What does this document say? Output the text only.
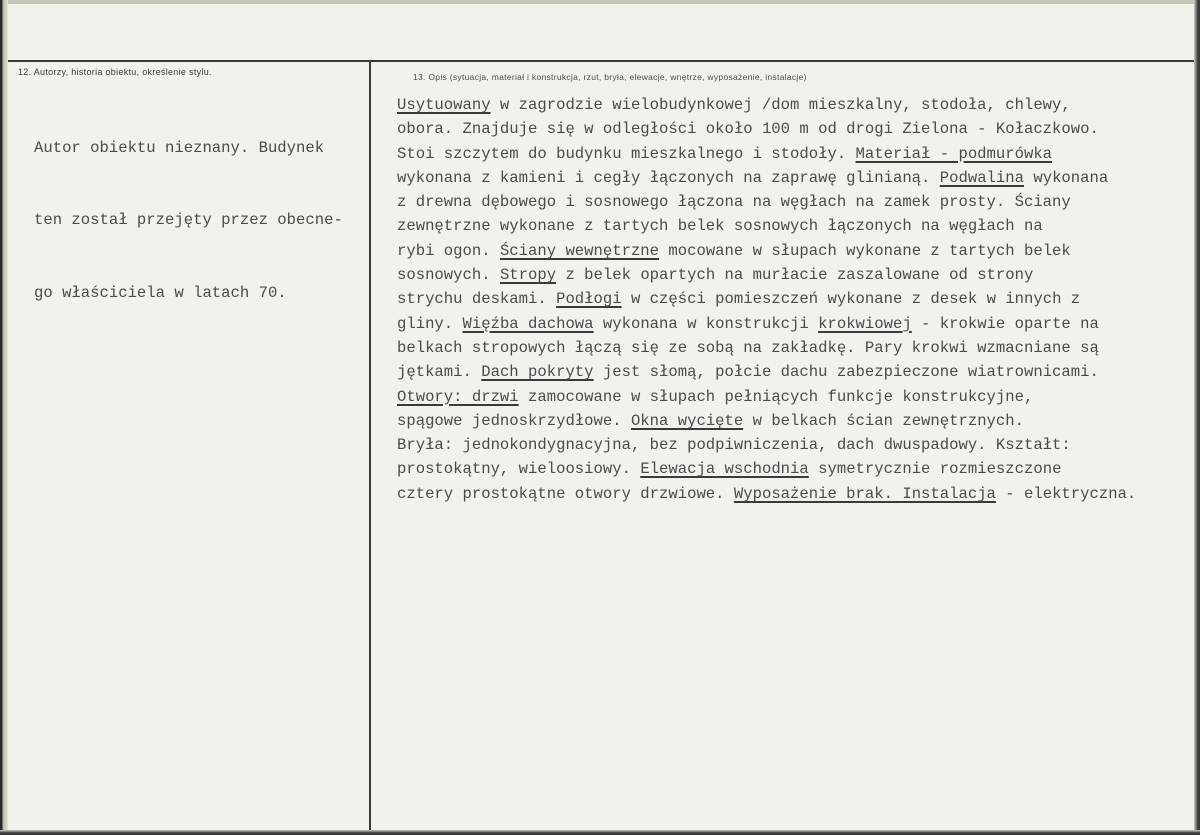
12. Autorzy, historia obiektu, określenie stylu.	13. Opis (sytuacja, materiał i konstrukcja, rzut, bryła, elewacje, wnętrze, wyposażenie, instalacje)

Autor obiektu nieznany. Budynek

ten został przejęty przez obecne-

go właściciela w latach 70.

Usytuowany w zagrodzie wielobudynkowej /dom mieszkalny, stodoła, chlewy,
obora. Znajduje się w odległości około 100 m od drogi Zielona - Kołaczkowo.
Stoi szczytem do budynku mieszkalnego i stodoły. Materiał - podmurówka
wykonana z kamieni i cegły łączonych na zaprawę glinianą. Podwalina wykonana
z drewna dębowego i sosnowego łączona na węgłach na zamek prosty. Ściany
zewnętrzne wykonane z tartych belek sosnowych łączonych na węgłach na
rybi ogon. Ściany wewnętrzne mocowane w słupach wykonane z tartych belek
sosnowych. Stropy z belek opartych na murłacie zaszalowane od strony
strychu deskami. Podłogi w części pomieszczeń wykonane z desek w innych z
gliny. Więźba dachowa wykonana w konstrukcji krokwiowej - krokwie oparte na
belkach stropowych łączą się ze sobą na zakładkę. Pary krokwi wzmacniane są
jętkami. Dach pokryty jest słomą, połcie dachu zabezpieczone wiatrownicami.
Otwory: drzwi zamocowane w słupach pełniących funkcje konstrukcyjne,
spągowe jednoskrzydłowe. Okna wycięte w belkach ścian zewnętrznych.
Bryła: jednokondygnacyjna, bez podpiwniczenia, dach dwuspadowy. Kształt:
prostokątny, wieloosiowy. Elewacja wschodnia symetrycznie rozmieszczone
cztery prostokątne otwory drzwiowe. Wyposażenie brak. Instalacja - elektryczna.
